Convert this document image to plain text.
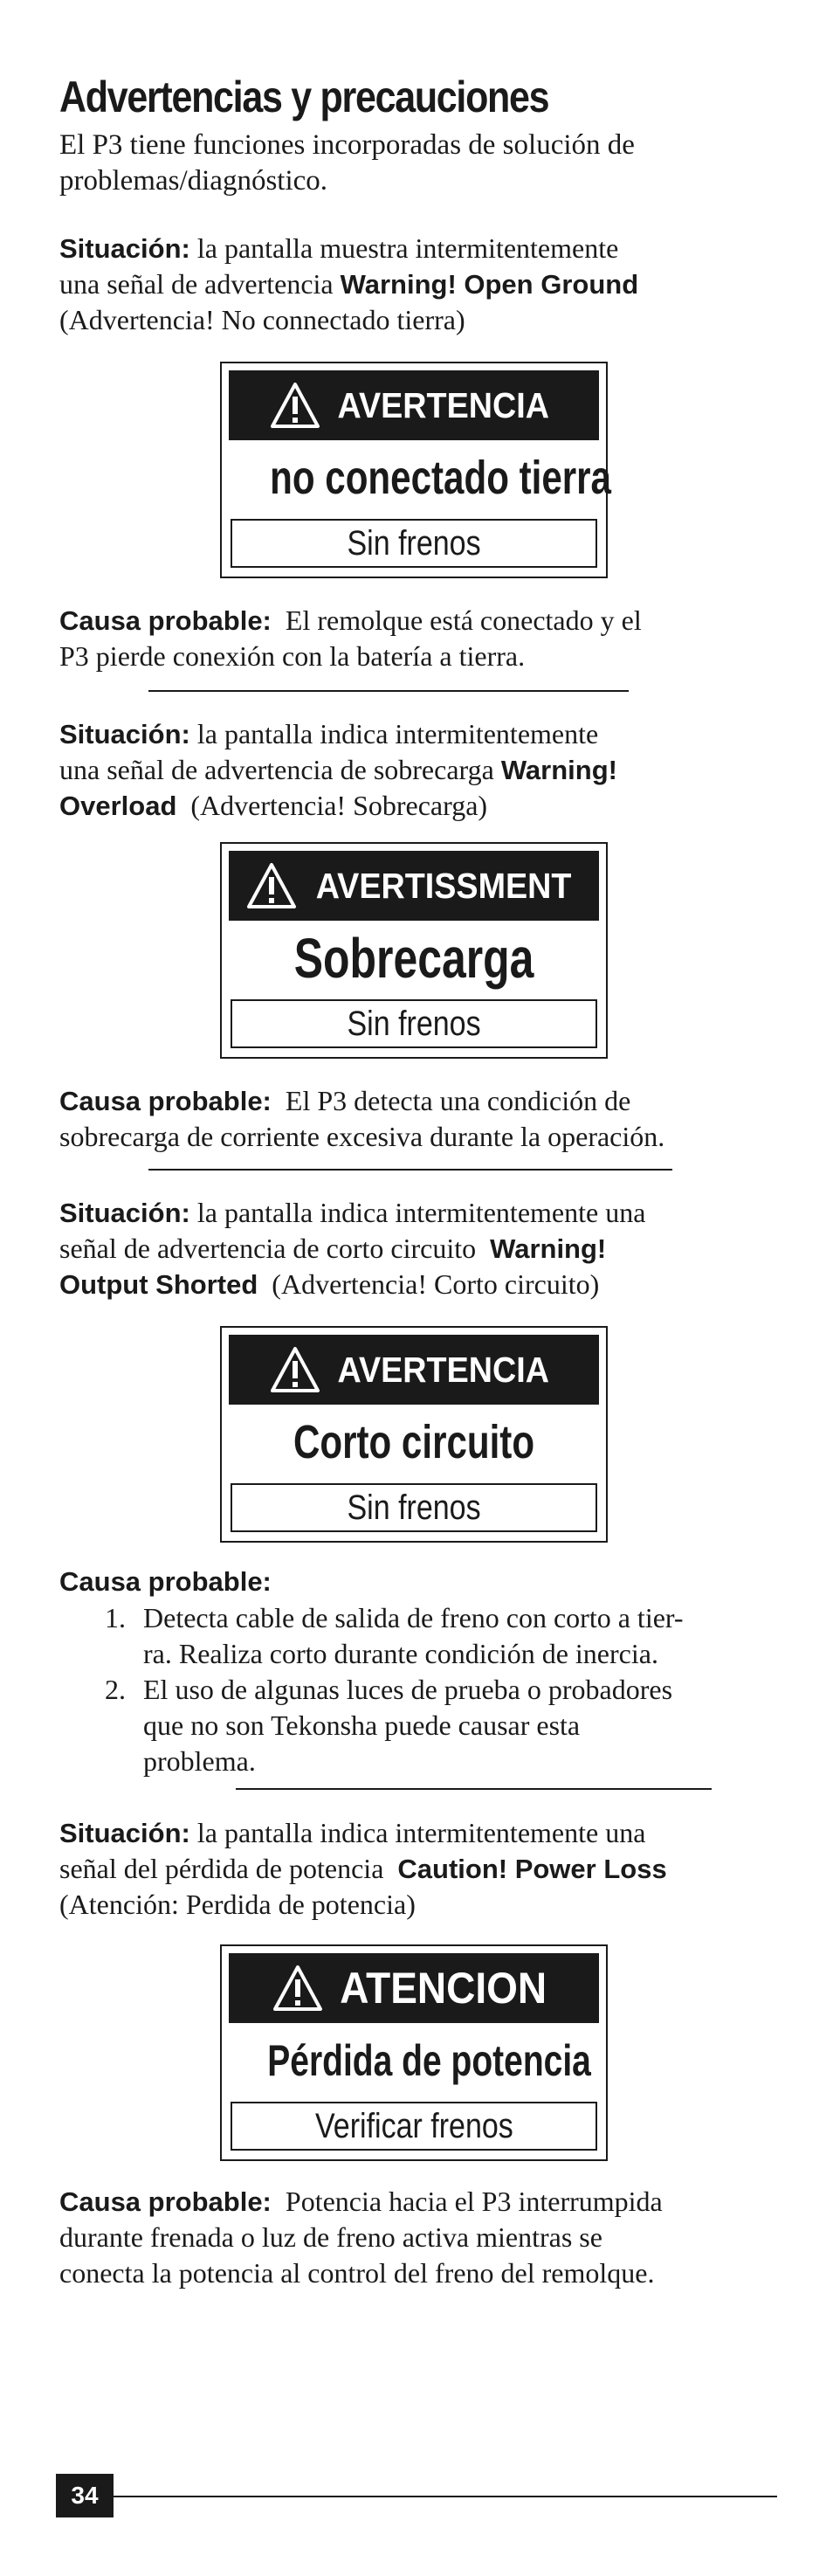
Advertencias y precauciones
El P3 tiene funciones incorporadas de solución de problemas/diagnóstico.
Situación: la pantalla muestra intermitentemente
una señal de advertencia Warning! Open Ground
(Advertencia! No connectado tierra)
AVERTENCIA
no conectado tierra
Sin frenos
Causa probable: El remolque está conectado y el
P3 pierde conexión con la batería a tierra.
Situación: la pantalla indica intermitentemente
una señal de advertencia de sobrecarga Warning!
Overload (Advertencia! Sobrecarga)
AVERTISSMENT
Sobrecarga
Sin frenos
Causa probable: El P3 detecta una condición de
sobrecarga de corriente excesiva durante la operación.
Situación: la pantalla indica intermitentemente una
señal de advertencia de corto circuito  Warning!
Output Shorted (Advertencia! Corto circuito)
AVERTENCIA
Corto circuito
Sin frenos
Causa probable:
1. Detecta cable de salida de freno con corto a tier-
ra. Realiza corto durante condición de inercia.
2. El uso de algunas luces de prueba o probadores
que no son Tekonsha puede causar esta
problema.
Situación: la pantalla indica intermitentemente una
señal del pérdida de potencia  Caution! Power Loss
(Atención: Perdida de potencia)
ATENCION
Pérdida de potencia
Verificar frenos
Causa probable: Potencia hacia el P3 interrumpida
durante frenada o luz de freno activa mientras se
conecta la potencia al control del freno del remolque.
34
